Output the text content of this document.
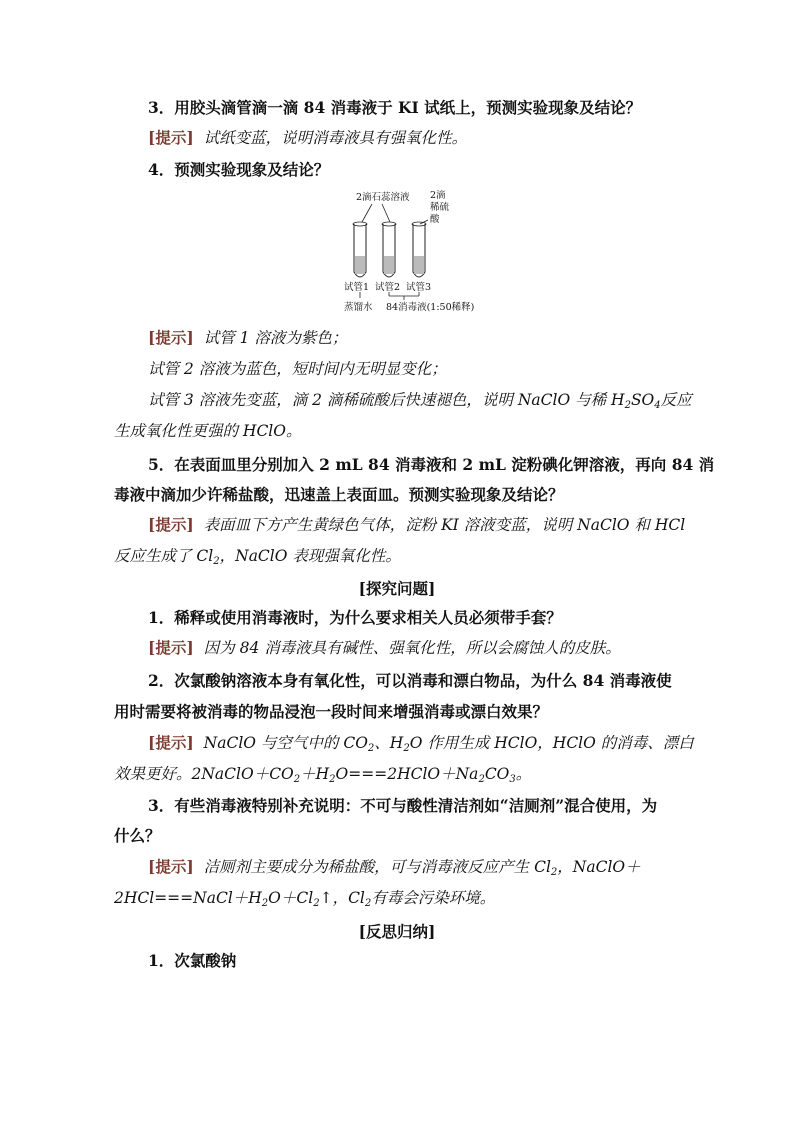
3．用胶头滴管滴一滴 84 消毒液于 KI 试纸上，预测实验现象及结论？
[提示] 试纸变蓝，说明消毒液具有强氧化性。
4．预测实验现象及结论？
2滴石蕊溶液 2滴
稀硫
酸
试管1 试管2 试管3
蒸馏水 84消毒液(1:50稀释)
[提示] 试管 1 溶液为紫色；
试管 2 溶液为蓝色，短时间内无明显变化；
试管 3 溶液先变蓝，滴 2 滴稀硫酸后快速褪色，说明 NaClO 与稀 $H_2SO_4$反应
生成氧化性更强的 HClO。
5．在表面皿里分别加入 2 mL 84 消毒液和 2 mL 淀粉碘化钾溶液，再向 84 消
毒液中滴加少许稀盐酸，迅速盖上表面皿。预测实验现象及结论？
[提示] 表面皿下方产生黄绿色气体，淀粉 KI 溶液变蓝，说明 NaClO 和 HCl
反应生成了 $Cl_2$，NaClO 表现强氧化性。
[探究问题]
1．稀释或使用消毒液时，为什么要求相关人员必须带手套？
[提示] 因为 84 消毒液具有碱性、强氧化性，所以会腐蚀人的皮肤。
2．次氯酸钠溶液本身有氧化性，可以消毒和漂白物品，为什么 84 消毒液使
用时需要将被消毒的物品浸泡一段时间来增强消毒或漂白效果？
[提示] NaClO 与空气中的 $CO_2$、$H_2O$ 作用生成 HClO，HClO 的消毒、漂白
效果更好。$2NaClO+CO_2+H_2O===2HClO+Na_2CO_3$。
3．有些消毒液特别补充说明：不可与酸性清洁剂如“洁厕剂”混合使用，为
什么？
[提示] 洁厕剂主要成分为稀盐酸，可与消毒液反应产生 $Cl_2$，NaClO＋
$2HCl===NaCl+H_2O+Cl_2↑$，$Cl_2$有毒会污染环境。
[反思归纳]
1．次氯酸钠
